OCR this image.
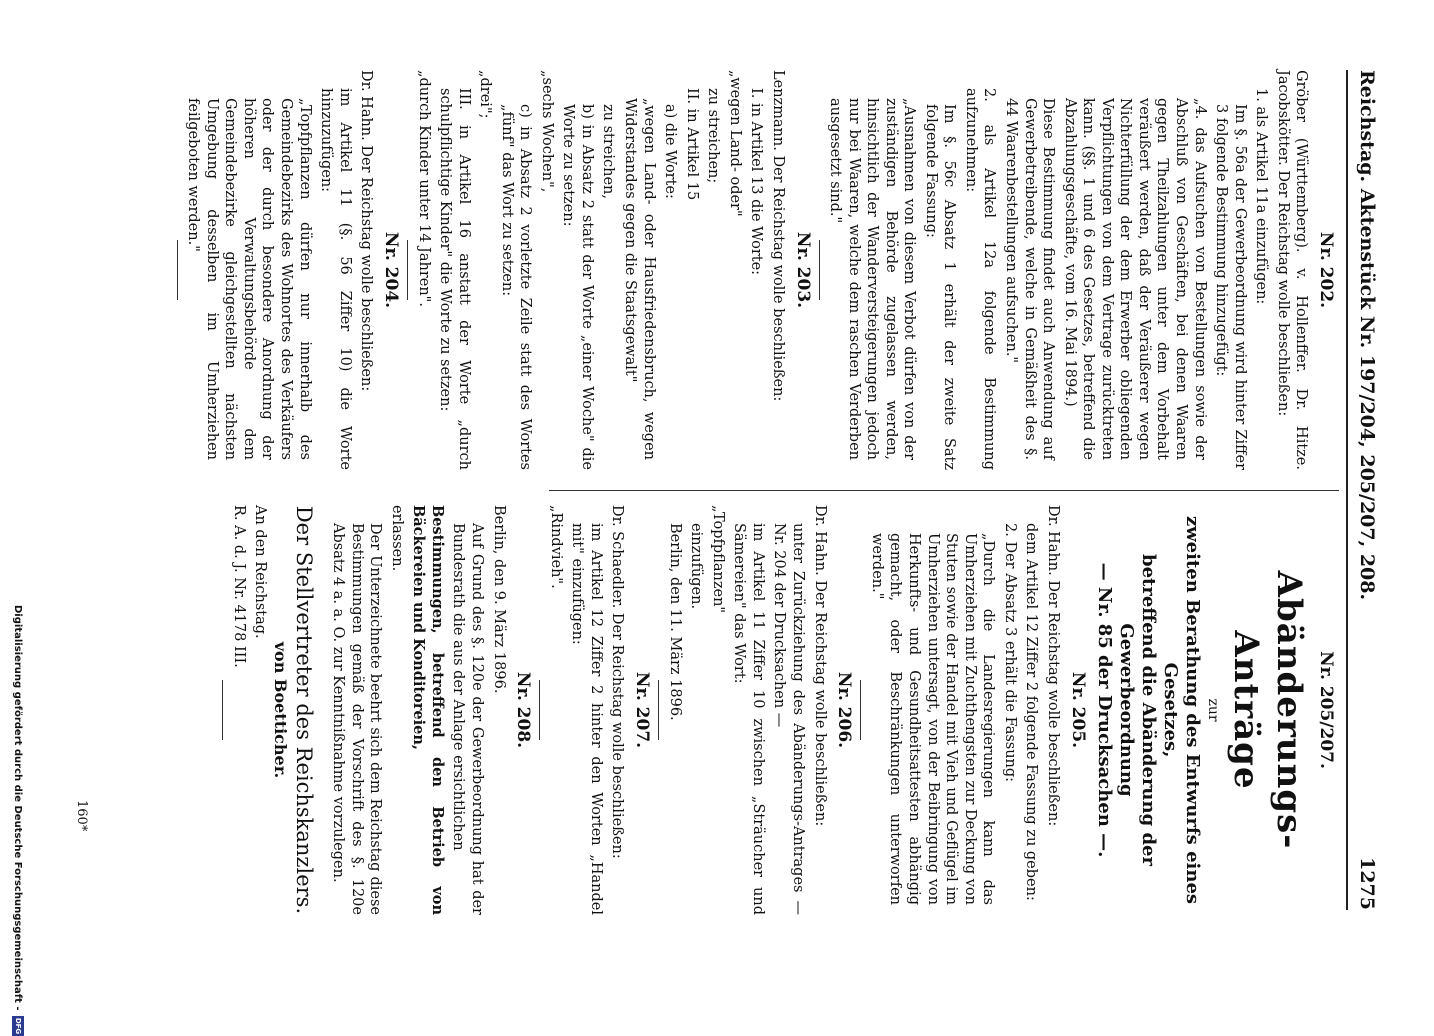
Reichstag. Aktenstück Nr. 197/204, 205/207, 208.
1275
Nr. 202.

Gröber (Württemberg). v. Hollenffer. Dr. Hitze. Jacobskötter. Der Reichstag wolle beschließen:

1. als Artikel 11a einzufügen:

Im §. 56a der Gewerbeordnung wird hinter Ziffer 3 folgende Bestimmung hinzugefügt:

„4. das Aufsuchen von Bestellungen sowie der Abschluß von Geschäften, bei denen Waaren gegen Theilzahlungen unter dem Vorbehalt veräußert werden, daß der Veräußerer wegen Nichterfüllung der dem Erwerber obliegenden Verpflichtungen von dem Vertrage zurücktreten kann. (§§. 1 und 6 des Gesetzes, betreffend die Abzahlungsgeschäfte, vom 16. Mai 1894.)

Diese Bestimmung findet auch Anwendung auf Gewerbetreibende, welche in Gemäßheit des §. 44 Waarenbestellungen aufsuchen."

2. als Artikel 12a folgende Bestimmung aufzunehmen:

Im §. 56c Absatz 1 erhält der zweite Satz folgende Fassung:

„Ausnahmen von diesem Verbot dürfen von der zuständigen Behörde zugelassen werden, hinsichtlich der Wanderversteigerungen jedoch nur bei Waaren, welche dem raschen Verderben ausgesetzt sind."

Nr. 203.

Lenzmann. Der Reichstag wolle beschließen:

I. in Artikel 13 die Worte:

„wegen Land- oder"

zu streichen;

II. in Artikel 15

a) die Worte:

„wegen Land- oder Hausfriedensbruch, wegen Widerstandes gegen die Staatsgewalt"

zu streichen,

b) in Absatz 2 statt der Worte „einer Woche" die Worte zu setzen:

„sechs Wochen",

c) in Absatz 2 vorletzte Zeile statt des Wortes „fünf" das Wort zu setzen:

„drei";

III. in Artikel 16 anstatt der Worte „durch schulpflichtige Kinder" die Worte zu setzen:

„durch Kinder unter 14 Jahren".

Nr. 204.

Dr. Hahn. Der Reichstag wolle beschließen:

im Artikel 11 (§. 56 Ziffer 10) die Worte hinzuzufügen:

„Topfpflanzen dürfen nur innerhalb des Gemeindebezirks des Wohnortes des Verkäufers oder der durch besondere Anordnung der höheren Verwaltungsbehörde dem Gemeindebezirke gleichgestellten nächsten Umgebung desselben im Umherziehen feilgeboten werden."

Nr. 205/207.
Abänderungs-Anträge
zur
zweiten Berathung des Entwurfs eines Gesetzes,
betreffend die Abänderung der Gewerbeordnung
— Nr. 85 der Drucksachen —.
Nr. 205.

Dr. Hahn. Der Reichstag wolle beschließen:

dem Artikel 12 Ziffer 2 folgende Fassung zu geben:

2. Der Absatz 3 erhält die Fassung:

„Durch die Landesregierungen kann das Umherziehen mit Zuchthengsten zur Deckung von Stuten sowie der Handel mit Vieh und Geflügel im Umherziehen untersagt, von der Beibringung von Herkunfts- und Gesundheitsattesten abhängig gemacht, oder Beschränkungen unterworfen werden."

Nr. 206.

Dr. Hahn. Der Reichstag wolle beschließen:

unter Zurückziehung des Abänderungs-Antrages — Nr. 204 der Drucksachen —

im Artikel 11 Ziffer 10 zwischen „Sträucher und Sämereien" das Wort:

„Topfpflanzen"

einzufügen.

Berlin, den 11. März 1896.

Nr. 207.

Dr. Schaedler. Der Reichstag wolle beschließen:

im Artikel 12 Ziffer 2 hinter den Worten „Handel mit" einzufügen:

„Rindvieh".

Nr. 208.

Berlin, den 9. März 1896.

Auf Grund des §. 120e der Gewerbeordnung hat der Bundesrath die aus der Anlage ersichtlichen

Bestimmungen, betreffend den Betrieb von Bäckereien und Konditoreien,

erlassen.

Der Unterzeichnete beehrt sich dem Reichstag diese Bestimmungen gemäß der Vorschrift des §. 120e Absatz 4 a. a. O. zur Kenntnißnahme vorzulegen.

Der Stellvertreter des Reichskanzlers.
von Boetticher.

An den Reichstag.

R. A. d. J. Nr. 4178 III.

160*
Digitalisierung gefördert durch die Deutsche Forschungsgemeinschaft - DFG
